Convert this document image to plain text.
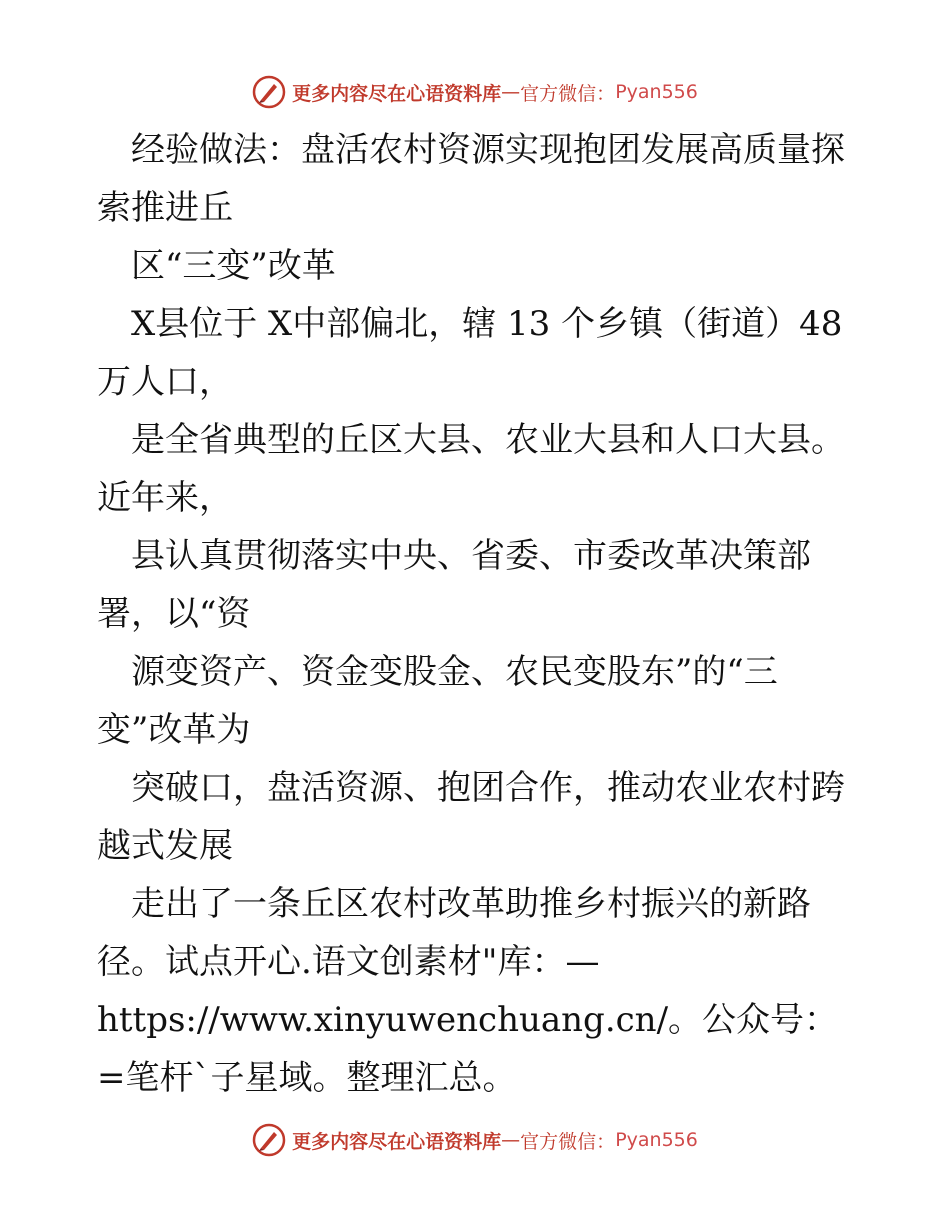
更多内容尽在心语资料库 — 官方微信： Pyan556

　经验做法：盘活农村资源实现抱团发展高质量探索推进丘

　区“三变”改革

　X县位于 X中部偏北，辖 13 个乡镇（街道）48 万人口，

　是全省典型的丘区大县、农业大县和人口大县。近年来，

　县认真贯彻落实中央、省委、市委改革决策部署，以“资

　源变资产、资金变股金、农民变股东”的“三变”改革为

　突破口，盘活资源、抱团合作，推动农业农村跨越式发展

　走出了一条丘区农村改革助推乡村振兴的新路径。试点开心.语文创素材"库：—https://www.xinyuwenchuang.cn/。公众号：=笔杆`子星域。整理汇总。

更多内容尽在心语资料库 — 官方微信： Pyan556
